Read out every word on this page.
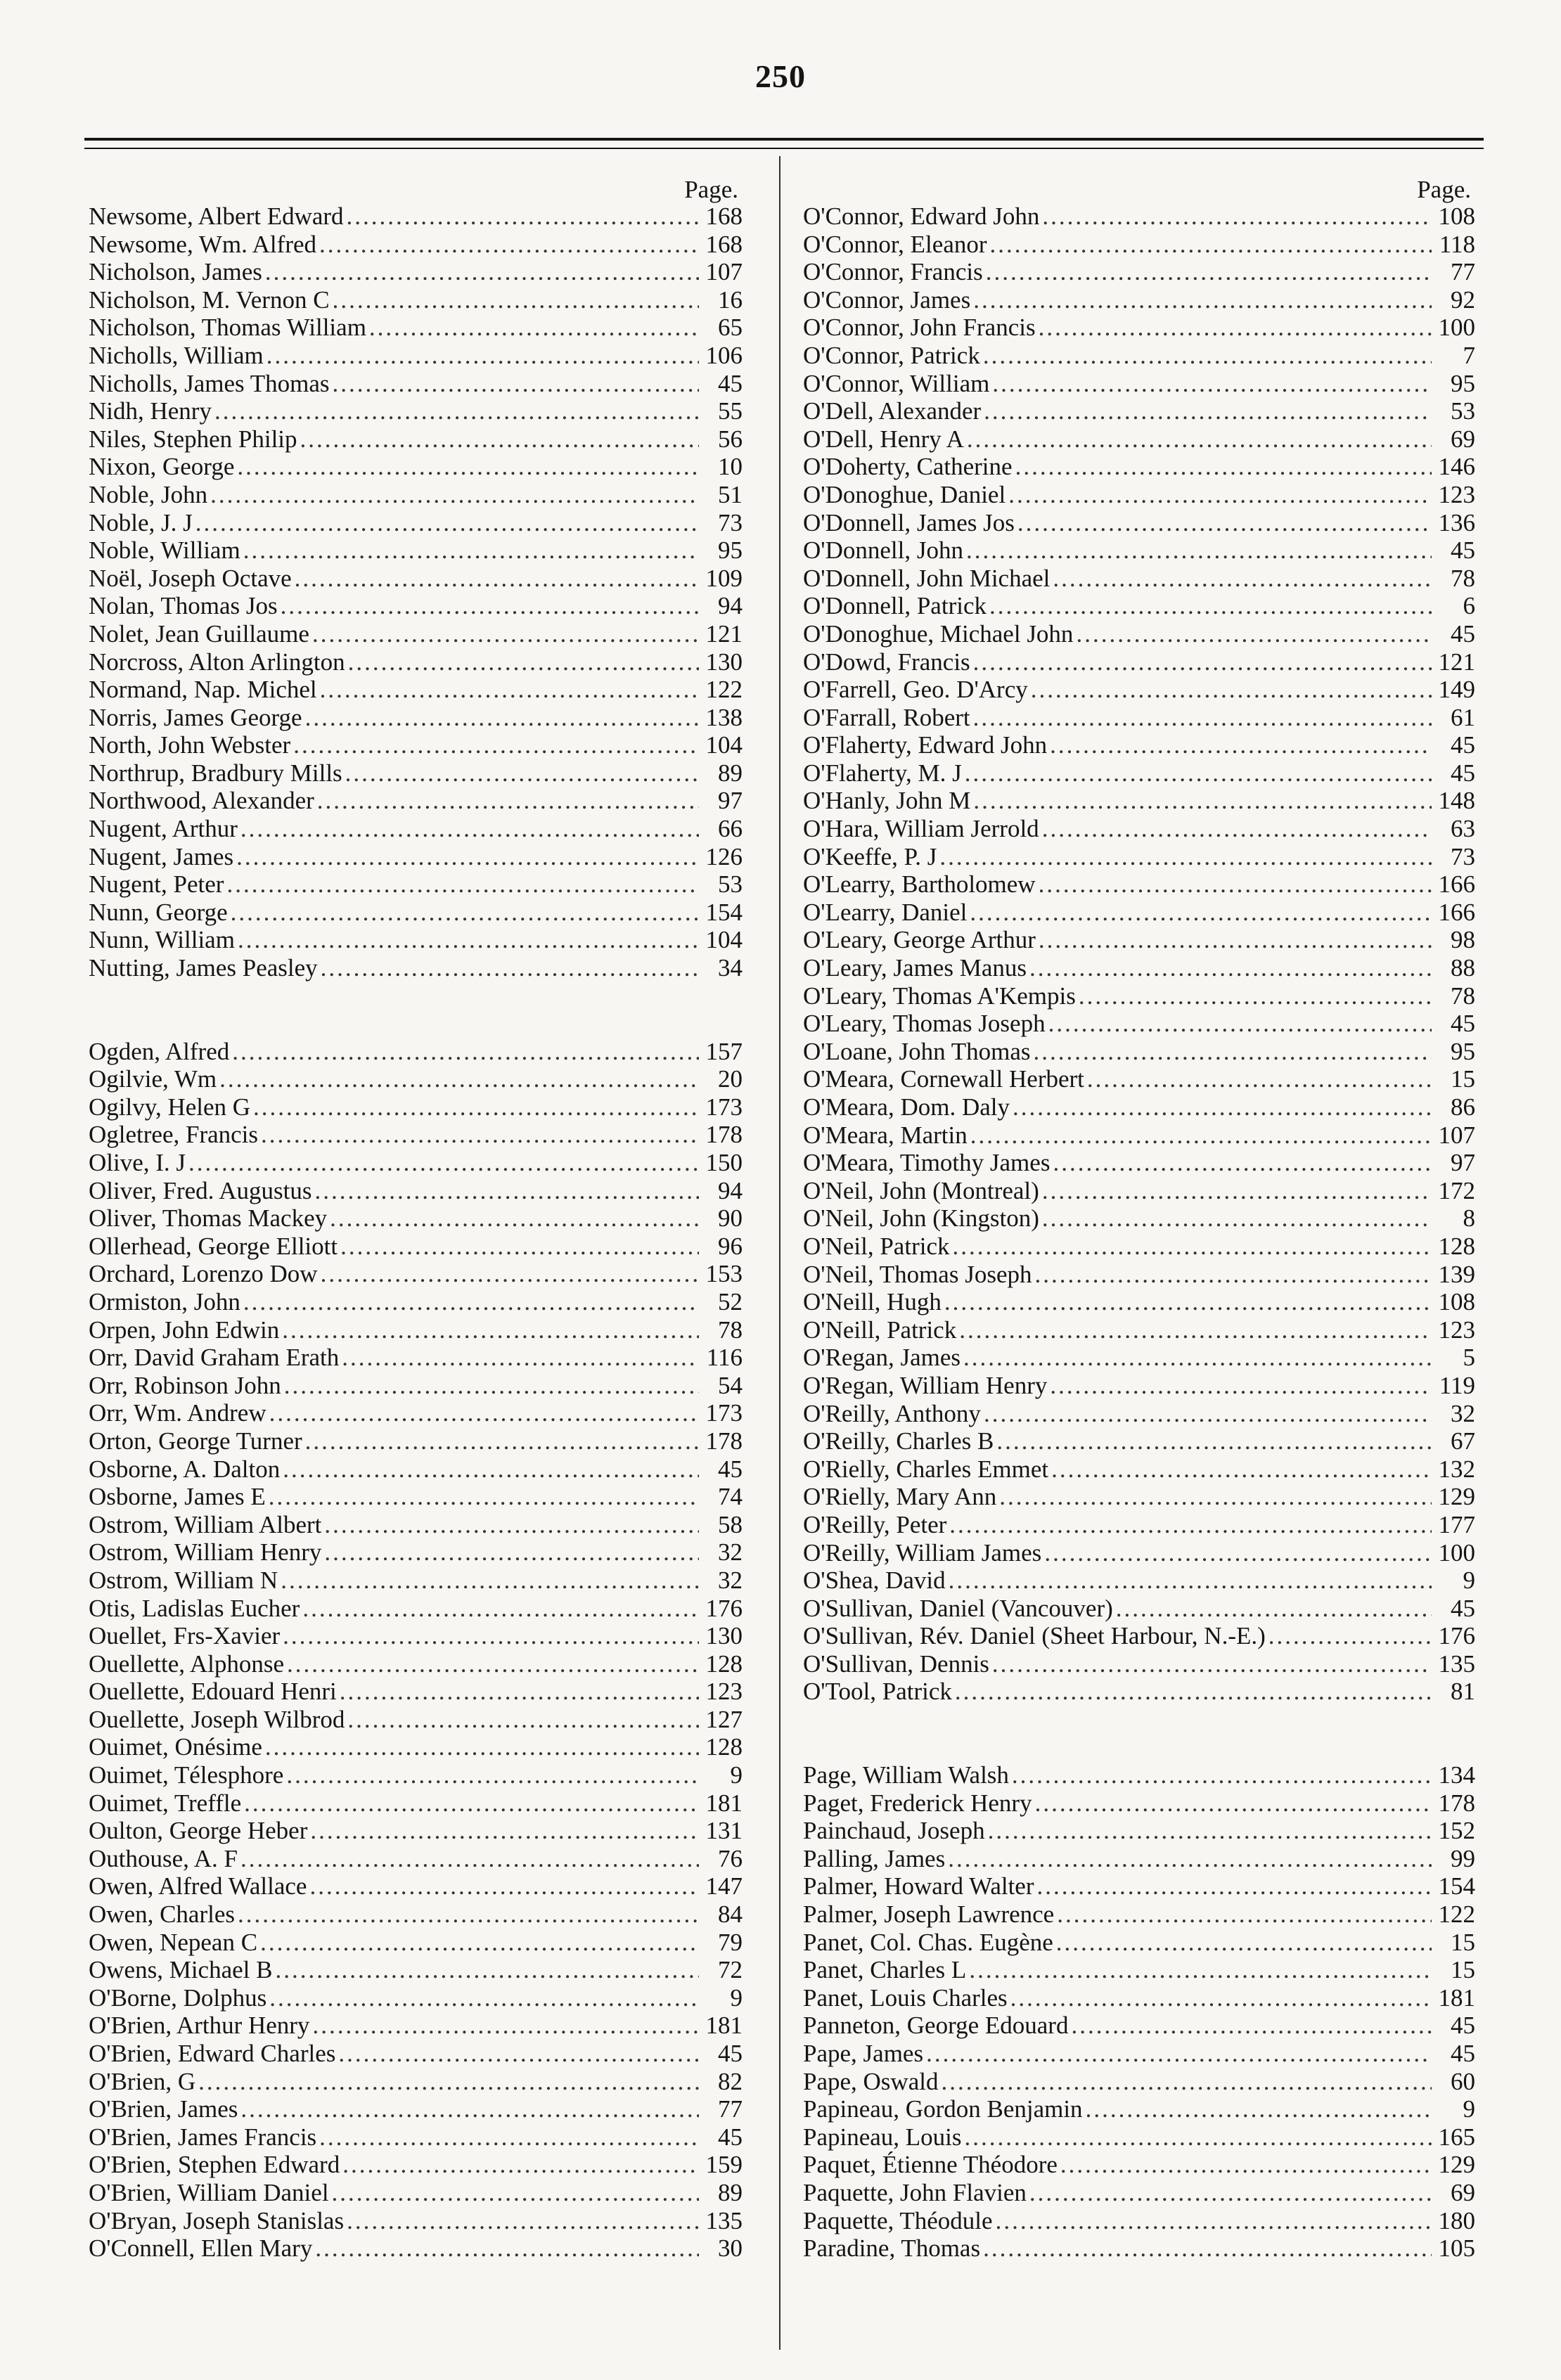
250
Page.
Newsome, Albert Edward .....	168
Newsome, Wm. Alfred .....	168
Nicholson, James .....	107
Nicholson, M. Vernon C .....	16
Nicholson, Thomas William .....	65
Nicholls, William .....	106
Nicholls, James Thomas .....	45
Nidh, Henry .....	55
Niles, Stephen Philip .....	56
Nixon, George .....	10
Noble, John .....	51
Noble, J. J .....	73
Noble, William .....	95
Noël, Joseph Octave .....	109
Nolan, Thomas Jos .....	94
Nolet, Jean Guillaume .....	121
Norcross, Alton Arlington .....	130
Normand, Nap. Michel .....	122
Norris, James George .....	138
North, John Webster .....	104
Northrup, Bradbury Mills .....	89
Northwood, Alexander .....	97
Nugent, Arthur .....	66
Nugent, James .....	126
Nugent, Peter .....	53
Nunn, George .....	154
Nunn, William .....	104
Nutting, James Peasley .....	34
Ogden, Alfred .....	157
Ogilvie, Wm .....	20
Ogilvy, Helen G .....	173
Ogletree, Francis .....	178
Olive, I. J .....	150
Oliver, Fred. Augustus .....	94
Oliver, Thomas Mackey .....	90
Ollerhead, George Elliott .....	96
Orchard, Lorenzo Dow .....	153
Ormiston, John .....	52
Orpen, John Edwin .....	78
Orr, David Graham Erath .....	116
Orr, Robinson John .....	54
Orr, Wm. Andrew .....	173
Orton, George Turner .....	178
Osborne, A. Dalton .....	45
Osborne, James E .....	74
Ostrom, William Albert .....	58
Ostrom, William Henry .....	32
Ostrom, William N .....	32
Otis, Ladislas Eucher .....	176
Ouellet, Frs-Xavier .....	130
Ouellette, Alphonse .....	128
Ouellette, Edouard Henri .....	123
Ouellette, Joseph Wilbrod .....	127
Ouimet, Onésime .....	128
Ouimet, Télesphore .....	9
Ouimet, Treffle .....	181
Oulton, George Heber .....	131
Outhouse, A. F .....	76
Owen, Alfred Wallace .....	147
Owen, Charles .....	84
Owen, Nepean C .....	79
Owens, Michael B .....	72
O'Borne, Dolphus .....	9
O'Brien, Arthur Henry .....	181
O'Brien, Edward Charles .....	45
O'Brien, G .....	82
O'Brien, James .....	77
O'Brien, James Francis .....	45
O'Brien, Stephen Edward .....	159
O'Brien, William Daniel .....	89
O'Bryan, Joseph Stanislas .....	135
O'Connell, Ellen Mary .....	30
Page.
O'Connor, Edward John .....	108
O'Connor, Eleanor .....	118
O'Connor, Francis .....	77
O'Connor, James .....	92
O'Connor, John Francis .....	100
O'Connor, Patrick .....	7
O'Connor, William .....	95
O'Dell, Alexander .....	53
O'Dell, Henry A .....	69
O'Doherty, Catherine .....	146
O'Donoghue, Daniel .....	123
O'Donnell, James Jos .....	136
O'Donnell, John .....	45
O'Donnell, John Michael .....	78
O'Donnell, Patrick .....	6
O'Donoghue, Michael John .....	45
O'Dowd, Francis .....	121
O'Farrell, Geo. D'Arcy .....	149
O'Farrall, Robert .....	61
O'Flaherty, Edward John .....	45
O'Flaherty, M. J .....	45
O'Hanly, John M .....	148
O'Hara, William Jerrold .....	63
O'Keeffe, P. J .....	73
O'Learry, Bartholomew .....	166
O'Learry, Daniel .....	166
O'Leary, George Arthur .....	98
O'Leary, James Manus .....	88
O'Leary, Thomas A'Kempis .....	78
O'Leary, Thomas Joseph .....	45
O'Loane, John Thomas .....	95
O'Meara, Cornewall Herbert .....	15
O'Meara, Dom. Daly .....	86
O'Meara, Martin .....	107
O'Meara, Timothy James .....	97
O'Neil, John (Montreal) .....	172
O'Neil, John (Kingston) .....	8
O'Neil, Patrick .....	128
O'Neil, Thomas Joseph .....	139
O'Neill, Hugh .....	108
O'Neill, Patrick .....	123
O'Regan, James .....	5
O'Regan, William Henry .....	119
O'Reilly, Anthony .....	32
O'Reilly, Charles B .....	67
O'Rielly, Charles Emmet .....	132
O'Rielly, Mary Ann .....	129
O'Reilly, Peter .....	177
O'Reilly, William James .....	100
O'Shea, David .....	9
O'Sullivan, Daniel (Vancouver) .....	45
O'Sullivan, Rév. Daniel (Sheet Harbour, N.-E.) .....	176
O'Sullivan, Dennis .....	135
O'Tool, Patrick .....	81
Page, William Walsh .....	134
Paget, Frederick Henry .....	178
Painchaud, Joseph .....	152
Palling, James .....	99
Palmer, Howard Walter .....	154
Palmer, Joseph Lawrence .....	122
Panet, Col. Chas. Eugène .....	15
Panet, Charles L .....	15
Panet, Louis Charles .....	181
Panneton, George Edouard .....	45
Pape, James .....	45
Pape, Oswald .....	60
Papineau, Gordon Benjamin .....	9
Papineau, Louis .....	165
Paquet, Étienne Théodore .....	129
Paquette, John Flavien .....	69
Paquette, Théodule .....	180
Paradine, Thomas .....	105
